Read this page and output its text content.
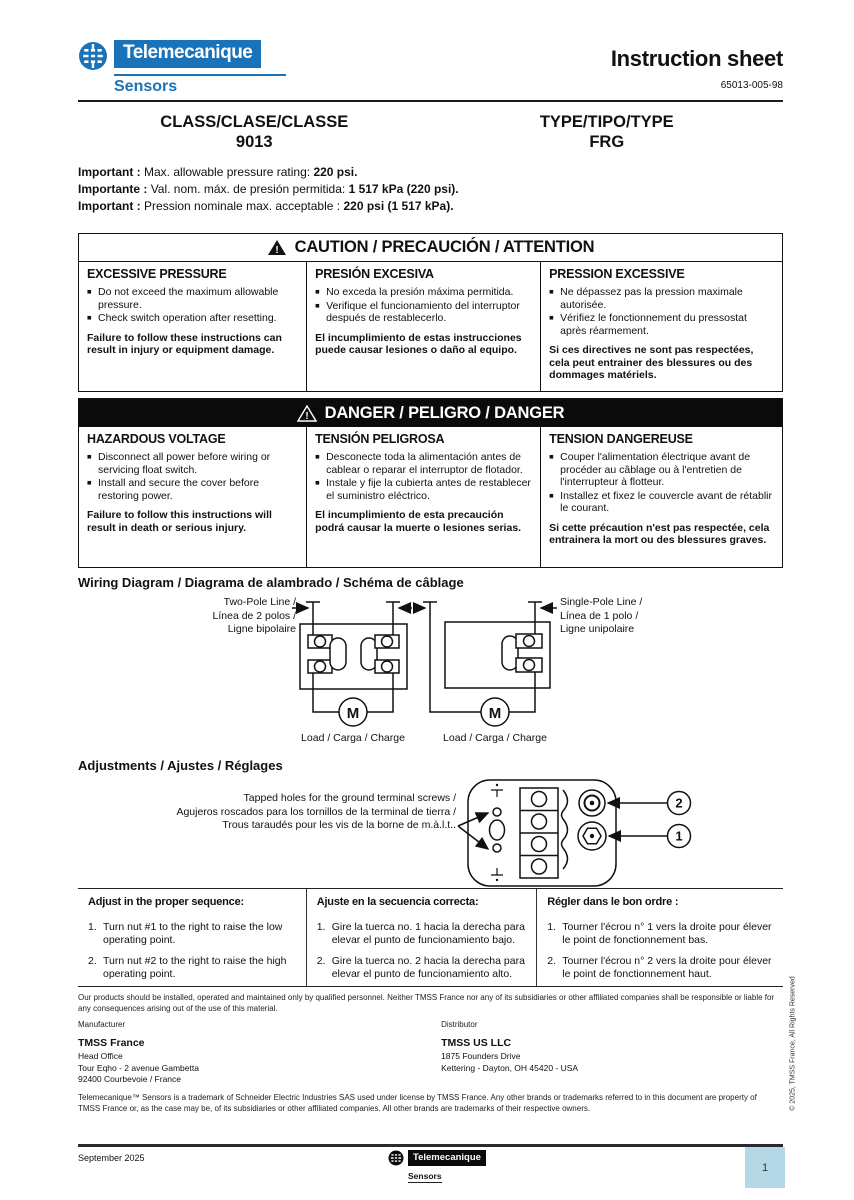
Telemecanique
Sensors
Instruction sheet
65013-005-98
CLASS/CLASE/CLASSE
9013
TYPE/TIPO/TYPE
FRG
Important : Max. allowable pressure rating: 220 psi.
Importante : Val. nom. máx. de presión permitida: 1 517 kPa (220 psi).
Important : Pression nominale max. acceptable : 220 psi (1 517 kPa).
! CAUTION / PRECAUCIÓN / ATTENTION
EXCESSIVE PRESSURE

■ Do not exceed the maximum allowable pressure.

■ Check switch operation after resetting.

Failure to follow these instructions can result in injury or equipment damage.

PRESIÓN EXCESIVA

■ No exceda la presión máxima permitida.

■ Verifique el funcionamiento del interruptor después de restablecerlo.

El incumplimiento de estas instrucciones puede causar lesiones o daño al equipo.

PRESSION EXCESSIVE

■ Ne dépassez pas la pression maximale autorisée.

■ Vérifiez le fonctionnement du pressostat après réarmement.

Si ces directives ne sont pas respectées, cela peut entrainer des blessures ou des dommages matériels.

! DANGER / PELIGRO / DANGER
HAZARDOUS VOLTAGE

■ Disconnect all power before wiring or servicing float switch.

■ Install and secure the cover before restoring power.

Failure to follow this instructions will result in death or serious injury.

TENSIÓN PELIGROSA

■ Desconecte toda la alimentación antes de cablear o reparar el interruptor de flotador.

■ Instale y fije la cubierta antes de restablecer el suministro eléctrico.

El incumplimiento de esta precaución podrá causar la muerte o lesiones serias.

TENSION DANGEREUSE

■ Couper l'alimentation électrique avant de procéder au câblage ou à l'entretien de l'interrupteur à flotteur.

■ Installez et fixez le couvercle avant de rétablir le courant.

Si cette précaution n'est pas respectée, cela entrainera la mort ou des blessures graves.

Wiring Diagram / Diagrama de alambrado / Schéma de câblage
M	M
Two-Pole Line /
Línea de 2 polos /
Ligne bipolaire
Single-Pole Line /
Línea de 1 polo /
Ligne unipolaire
Load / Carga / Charge	Load / Carga / Charge
Adjustments / Ajustes / Réglages
2
1
Tapped holes for the ground terminal screws /
Agujeros roscados para los tornillos de la terminal de tierra /
Trous taraudés pour les vis de la borne de m.à.l.t..
Adjust in the proper sequence:
1. Turn nut #1 to the right to raise the low operating point.
2. Turn nut #2 to the right to raise the high operating point.
Ajuste en la secuencia correcta:
1. Gire la tuerca no. 1 hacia la derecha para elevar el punto de funcionamiento bajo.
2. Gire la tuerca no. 2 hacia la derecha para elevar el punto de funcionamiento alto.
Régler dans le bon ordre :
1. Tourner l'écrou n° 1 vers la droite pour élever le point de fonctionnement bas.
2. Tourner l'écrou n° 2 vers la droite pour élever le point de fonctionnement haut.
Our products should be installed, operated and maintained only by qualified personnel. Neither TMSS France nor any of its subsidiaries or other affiliated companies shall be responsible or liable for any consequences arising out of the use of this material.
Manufacturer
TMSS France
Head Office
Tour Eqho - 2 avenue Gambetta
92400 Courbevoie / France
Distributor
TMSS US LLC
1875 Founders Drive
Kettering - Dayton, OH 45420 - USA
Telemecanique™ Sensors is a trademark of Schneider Electric Industries SAS used under license by TMSS France. Any other brands or trademarks referred to in this document are property of TMSS France or, as the case may be, of its subsidiaries or other affiliated companies. All other brands are trademarks of their respective owners.
September 2025	Telemecanique
Sensors
1
© 2025, TMSS France, All Rights Reserved
